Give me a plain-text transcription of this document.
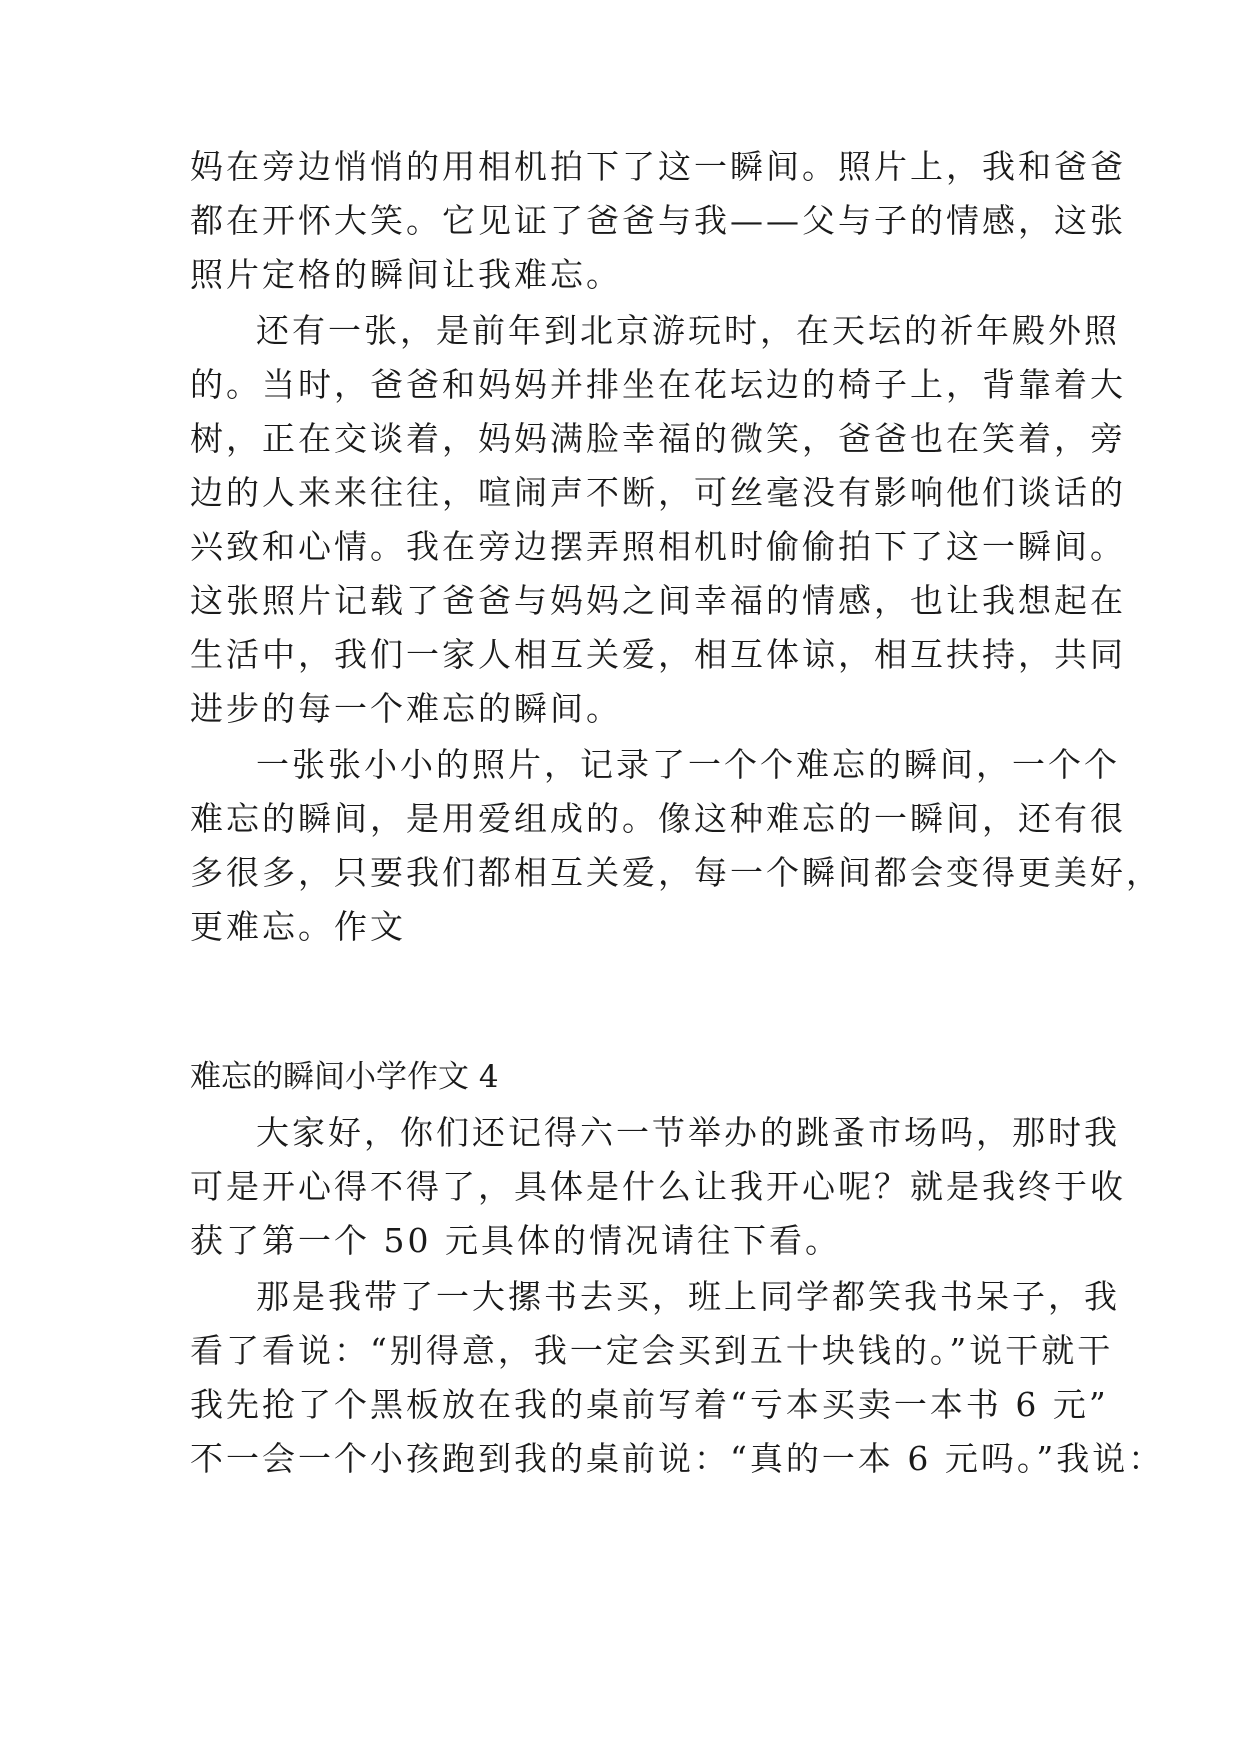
妈在旁边悄悄的用相机拍下了这一瞬间。照片上，我和爸爸
都在开怀大笑。它见证了爸爸与我——父与子的情感，这张
照片定格的瞬间让我难忘。
还有一张，是前年到北京游玩时，在天坛的祈年殿外照
的。当时，爸爸和妈妈并排坐在花坛边的椅子上，背靠着大
树，正在交谈着，妈妈满脸幸福的微笑，爸爸也在笑着，旁
边的人来来往往，喧闹声不断，可丝毫没有影响他们谈话的
兴致和心情。我在旁边摆弄照相机时偷偷拍下了这一瞬间。
这张照片记载了爸爸与妈妈之间幸福的情感，也让我想起在
生活中，我们一家人相互关爱，相互体谅，相互扶持，共同
进步的每一个难忘的瞬间。
一张张小小的照片，记录了一个个难忘的瞬间，一个个
难忘的瞬间，是用爱组成的。像这种难忘的一瞬间，还有很
多很多，只要我们都相互关爱，每一个瞬间都会变得更美好，
更难忘。作文
难忘的瞬间小学作文 4
大家好，你们还记得六一节举办的跳蚤市场吗，那时我
可是开心得不得了，具体是什么让我开心呢？就是我终于收
获了第一个 50 元具体的情况请往下看。
那是我带了一大摞书去买，班上同学都笑我书呆子，我
看了看说：“别得意，我一定会买到五十块钱的。”说干就干
我先抢了个黑板放在我的桌前写着“亏本买卖一本书 6 元”
不一会一个小孩跑到我的桌前说：“真的一本 6 元吗。”我说：
